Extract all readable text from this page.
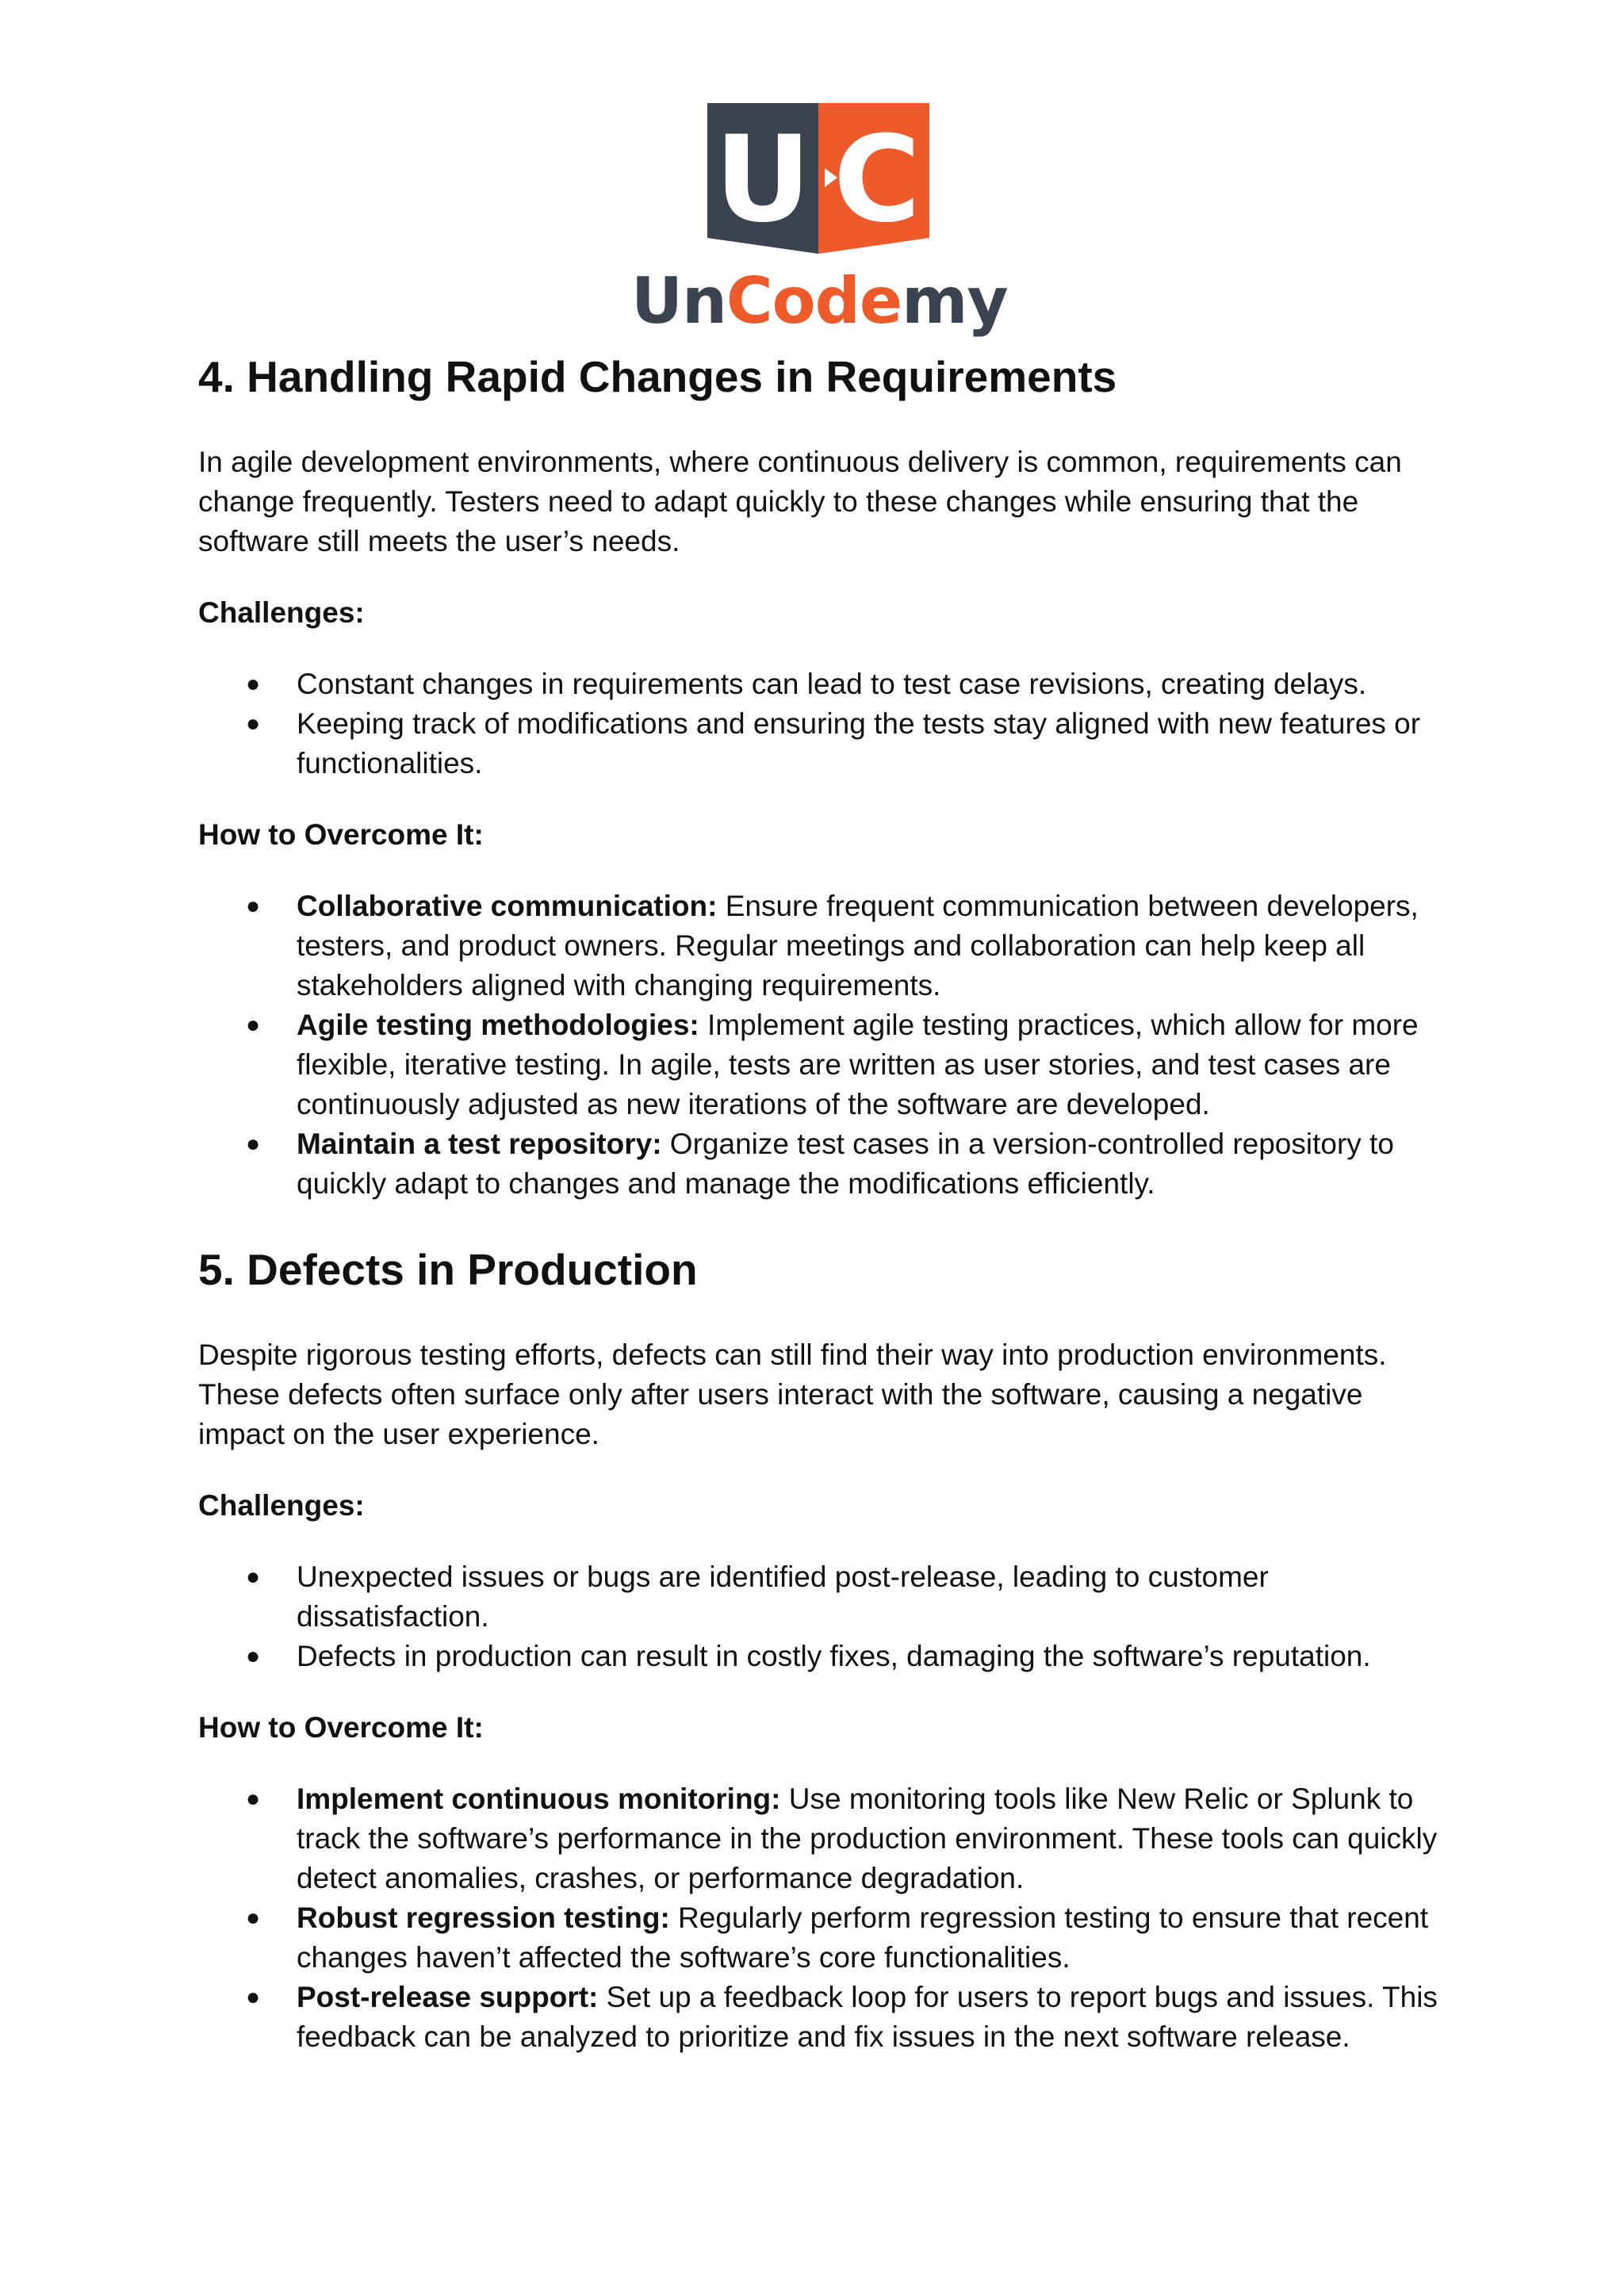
U C
UnCodemy
4. Handling Rapid Changes in Requirements

In agile development environments, where continuous delivery is common, requirements can change frequently. Testers need to adapt quickly to these changes while ensuring that the software still meets the user’s needs.

Challenges:

● Constant changes in requirements can lead to test case revisions, creating delays.
● Keeping track of modifications and ensuring the tests stay aligned with new features or functionalities.

How to Overcome It:

● Collaborative communication: Ensure frequent communication between developers, testers, and product owners. Regular meetings and collaboration can help keep all stakeholders aligned with changing requirements.
● Agile testing methodologies: Implement agile testing practices, which allow for more flexible, iterative testing. In agile, tests are written as user stories, and test cases are continuously adjusted as new iterations of the software are developed.
● Maintain a test repository: Organize test cases in a version-controlled repository to quickly adapt to changes and manage the modifications efficiently.
5. Defects in Production

Despite rigorous testing efforts, defects can still find their way into production environments. These defects often surface only after users interact with the software, causing a negative impact on the user experience.

Challenges:

● Unexpected issues or bugs are identified post-release, leading to customer dissatisfaction.
● Defects in production can result in costly fixes, damaging the software’s reputation.

How to Overcome It:

● Implement continuous monitoring: Use monitoring tools like New Relic or Splunk to track the software’s performance in the production environment. These tools can quickly detect anomalies, crashes, or performance degradation.
● Robust regression testing: Regularly perform regression testing to ensure that recent changes haven’t affected the software’s core functionalities.
● Post-release support: Set up a feedback loop for users to report bugs and issues. This feedback can be analyzed to prioritize and fix issues in the next software release.
